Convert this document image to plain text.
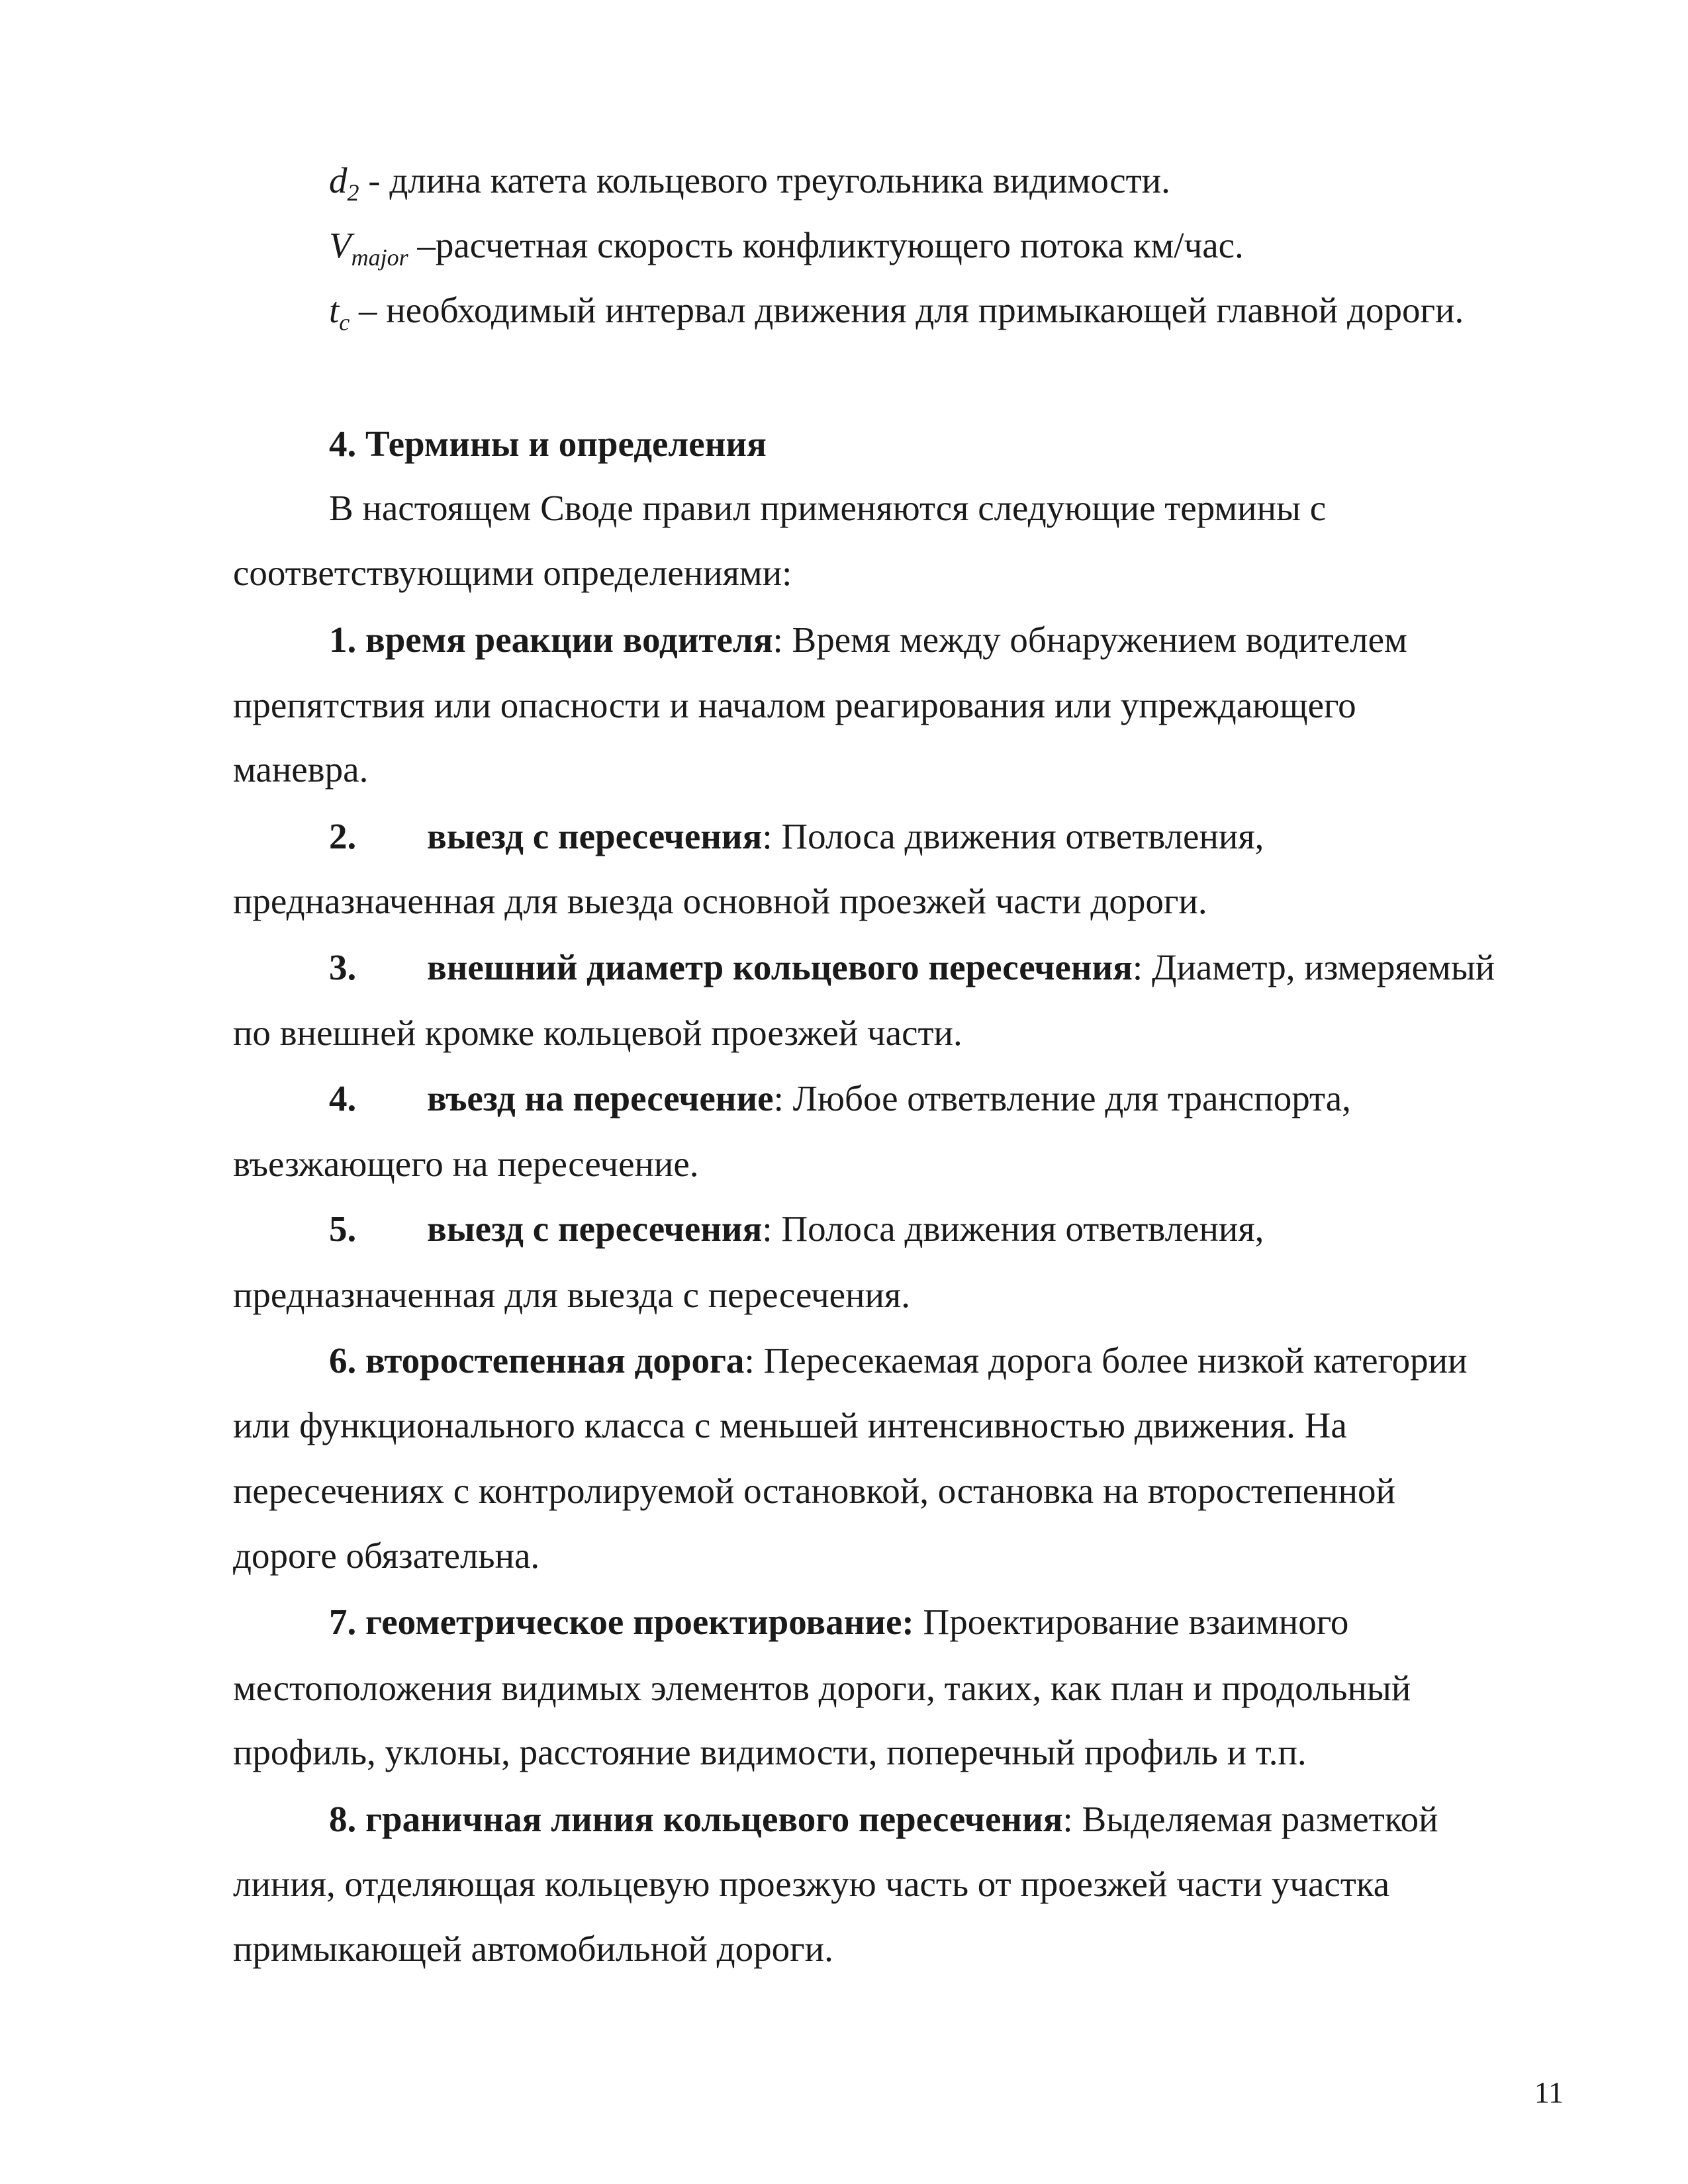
$d_2$ - длина катета кольцевого треугольника видимости.
$V_{major}$ –расчетная скорость конфликтующего потока км/час.
$t_c$ – необходимый интервал движения для примыкающей главной дороги.
4. Термины и определения
В настоящем Своде правил применяются следующие термины с
соответствующими определениями:
1. время реакции водителя: Время между обнаружением водителем
препятствия или опасности и началом реагирования или упреждающего
маневра.
2. выезд с пересечения: Полоса движения ответвления,
предназначенная для выезда основной проезжей части дороги.
3. внешний диаметр кольцевого пересечения: Диаметр, измеряемый
по внешней кромке кольцевой проезжей части.
4. въезд на пересечение: Любое ответвление для транспорта,
въезжающего на пересечение.
5. выезд с пересечения: Полоса движения ответвления,
предназначенная для выезда с пересечения.
6. второстепенная дорога: Пересекаемая дорога более низкой категории
или функционального класса с меньшей интенсивностью движения. На
пересечениях с контролируемой остановкой, остановка на второстепенной
дороге обязательна.
7. геометрическое проектирование: Проектирование взаимного
местоположения видимых элементов дороги, таких, как план и продольный
профиль, уклоны, расстояние видимости, поперечный профиль и т.п.
8. граничная линия кольцевого пересечения: Выделяемая разметкой
линия, отделяющая кольцевую проезжую часть от проезжей части участка
примыкающей автомобильной дороги.
11
